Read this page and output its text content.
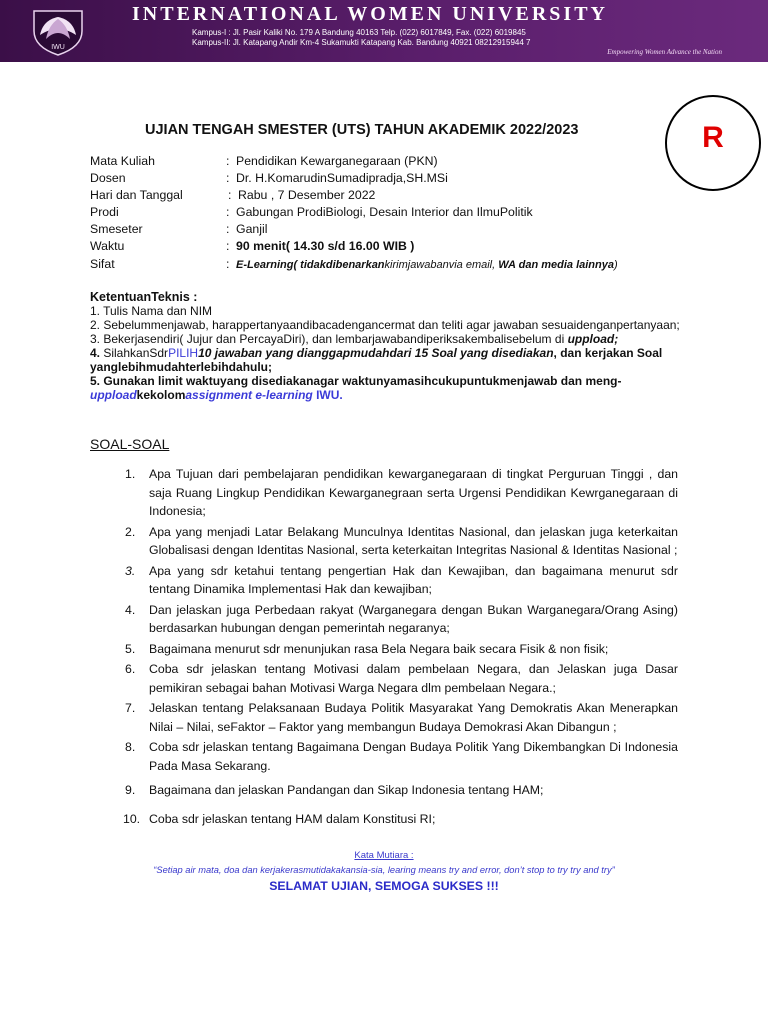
IWU
INTERNATIONAL WOMEN UNIVERSITY
Kampus-I : Jl. Pasir Kaliki No. 179 A Bandung 40163 Telp. (022) 6017849, Fax. (022) 6019845
Kampus-II: Jl. Katapang Andir Km-4 Sukamukti Katapang Kab. Bandung 40921 08212915944 7
Empowering Women Advance the Nation
R
UJIAN TENGAH SMESTER (UTS) TAHUN AKADEMIK 2022/2023
Mata Kuliah	: Pendidikan Kewarganegaraan (PKN)
Dosen	: Dr. H.KomarudinSumadipradja,SH.MSi
Hari dan Tanggal	: Rabu , 7 Desember 2022
Prodi	: Gabungan ProdiBiologi, Desain Interior dan IlmuPolitik
Smeseter	: Ganjil
Waktu	: 90 menit( 14.30 s/d 16.00 WIB )
Sifat	: E-Learning( tidakdibenarkankirimjawabanvia email, WA dan media lainnya)

KetentuanTeknis :

1. Tulis Nama dan NIM

2. Sebelummenjawab, harappertanyaandibacadengancermat dan teliti agar jawaban sesuaidenganpertanyaan;

3. Bekerjasendiri( Jujur dan PercayaDiri), dan lembarjawabandiperiksakembalisebelum di uppload;

4. SilahkanSdrPILIH10 jawaban yang dianggapmudahdari 15 Soal yang disediakan, dan kerjakan Soal yanglebihmudahterlebihdahulu;

5. Gunakan limit waktuyang disediakanagar waktunyamasihcukupuntukmenjawab dan meng-upploadkekolomassignment e-learning IWU.

SOAL-SOAL
1. Apa Tujuan dari pembelajaran pendidikan kewarganegaraan di tingkat Perguruan Tinggi , dan saja Ruang Lingkup Pendidikan Kewarganegraan serta Urgensi Pendidikan Kewrganegaraan di Indonesia;
2. Apa yang menjadi Latar Belakang Munculnya Identitas Nasional, dan jelaskan juga keterkaitan Globalisasi dengan Identitas Nasional, serta keterkaitan Integritas Nasional & Identitas Nasional ;
3. Apa yang sdr ketahui tentang pengertian Hak dan Kewajiban, dan bagaimana menurut sdr tentang Dinamika Implementasi Hak dan kewajiban;
4. Dan jelaskan juga Perbedaan rakyat (Warganegara dengan Bukan Warganegara/Orang Asing) berdasarkan hubungan dengan pemerintah negaranya;
5. Bagaimana menurut sdr menunjukan rasa Bela Negara baik secara Fisik & non fisik;
6. Coba sdr jelaskan tentang Motivasi dalam pembelaan Negara, dan Jelaskan juga Dasar pemikiran sebagai bahan Motivasi Warga Negara dlm pembelaan Negara.;
7. Jelaskan tentang Pelaksanaan Budaya Politik Masyarakat Yang Demokratis Akan Menerapkan Nilai – Nilai, seFaktor – Faktor yang membangun Budaya Demokrasi Akan Dibangun ;
8. Coba sdr jelaskan tentang Bagaimana Dengan Budaya Politik Yang Dikembangkan Di Indonesia Pada Masa Sekarang.
9. Bagaimana dan jelaskan Pandangan dan Sikap Indonesia tentang HAM;
10. Coba sdr jelaskan tentang HAM dalam Konstitusi RI;
Kata Mutiara :
“Setiap air mata, doa dan kerjakerasmutidakakansia-sia, learing means try and error, don’t stop to try try and try”
SELAMAT UJIAN, SEMOGA SUKSES !!!
